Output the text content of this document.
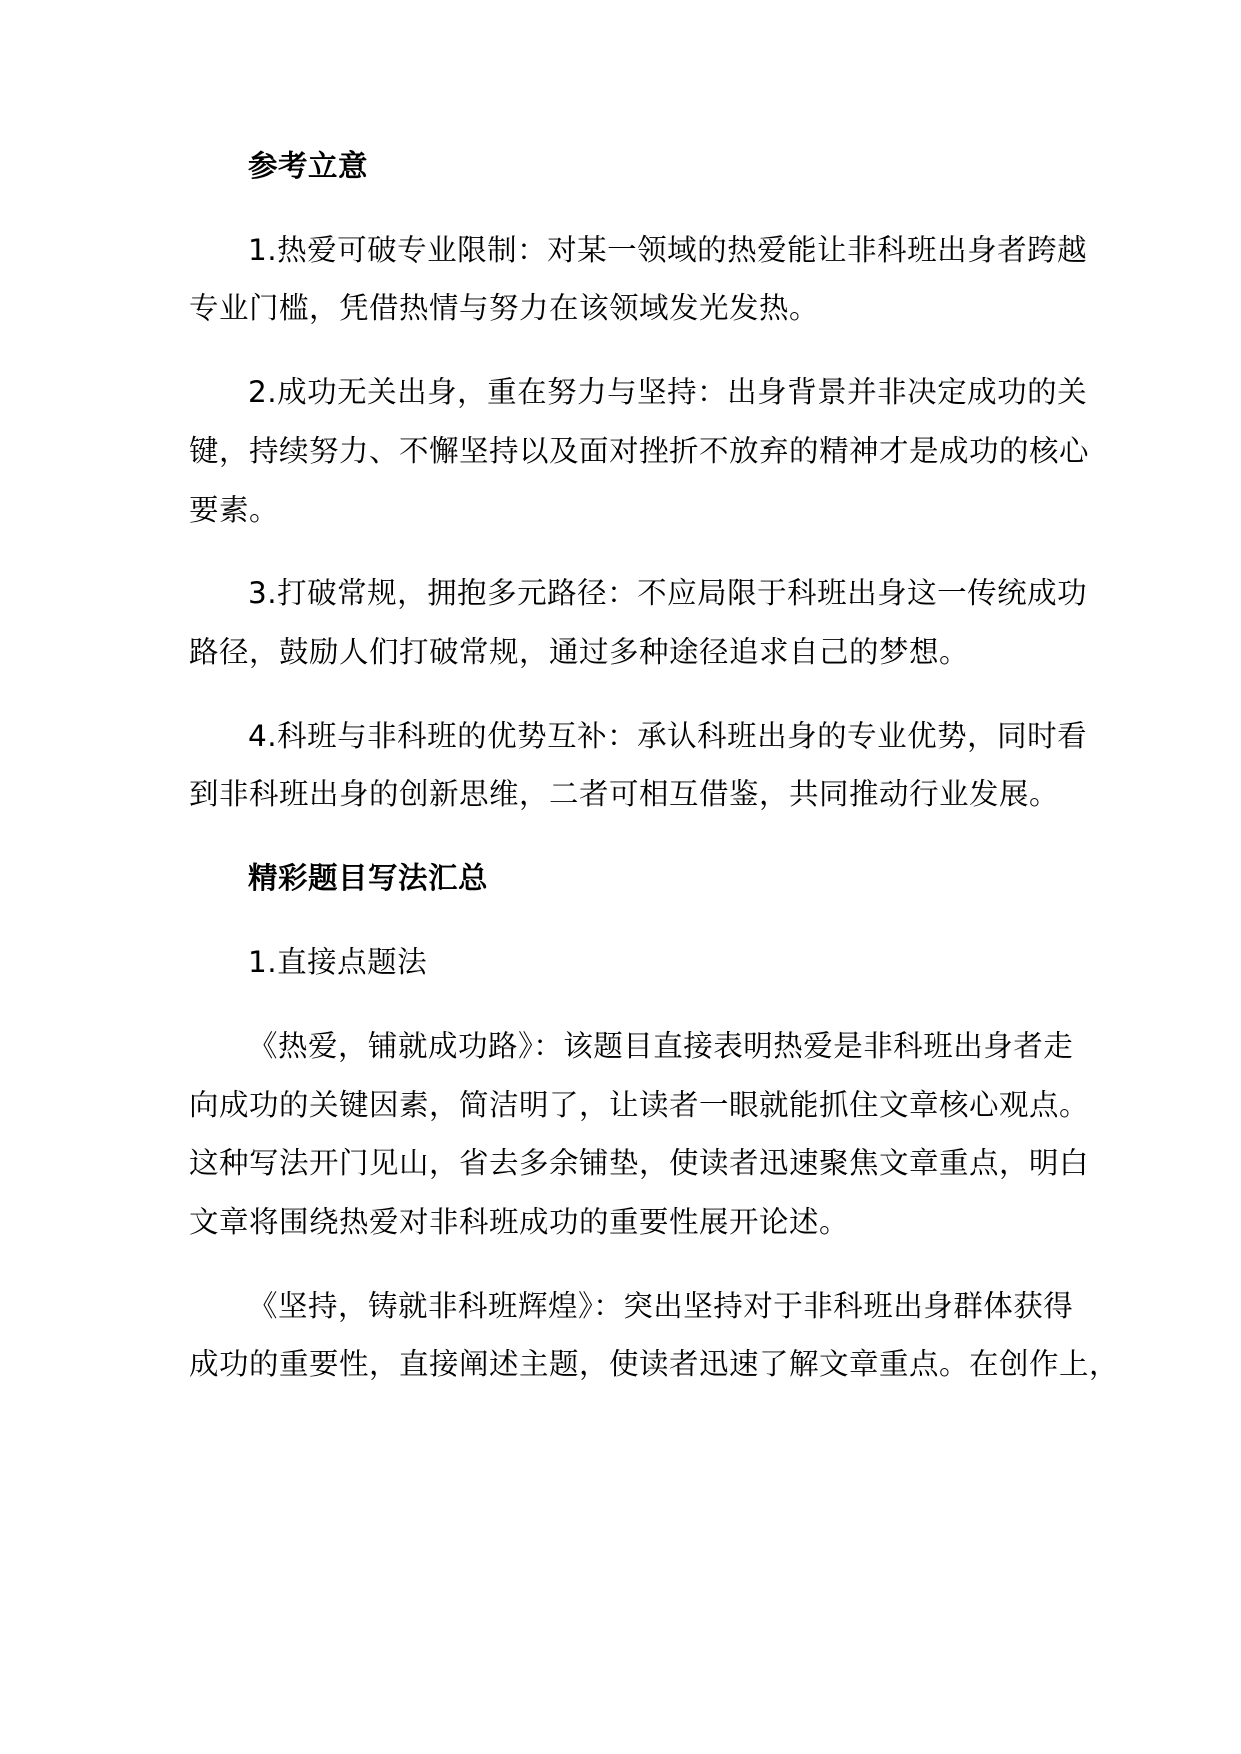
参考立意
1.热爱可破专业限制：对某一领域的热爱能让非科班出身者跨越
专业门槛，凭借热情与努力在该领域发光发热。
2.成功无关出身，重在努力与坚持：出身背景并非决定成功的关
键，持续努力、不懈坚持以及面对挫折不放弃的精神才是成功的核心
要素。
3.打破常规，拥抱多元路径：不应局限于科班出身这一传统成功
路径，鼓励人们打破常规，通过多种途径追求自己的梦想。
4.科班与非科班的优势互补：承认科班出身的专业优势，同时看
到非科班出身的创新思维，二者可相互借鉴，共同推动行业发展。
精彩题目写法汇总
1.直接点题法
《热爱，铺就成功路》：该题目直接表明热爱是非科班出身者走
向成功的关键因素，简洁明了，让读者一眼就能抓住文章核心观点。
这种写法开门见山，省去多余铺垫，使读者迅速聚焦文章重点，明白
文章将围绕热爱对非科班成功的重要性展开论述。
《坚持，铸就非科班辉煌》：突出坚持对于非科班出身群体获得
成功的重要性，直接阐述主题，使读者迅速了解文章重点。在创作上，
